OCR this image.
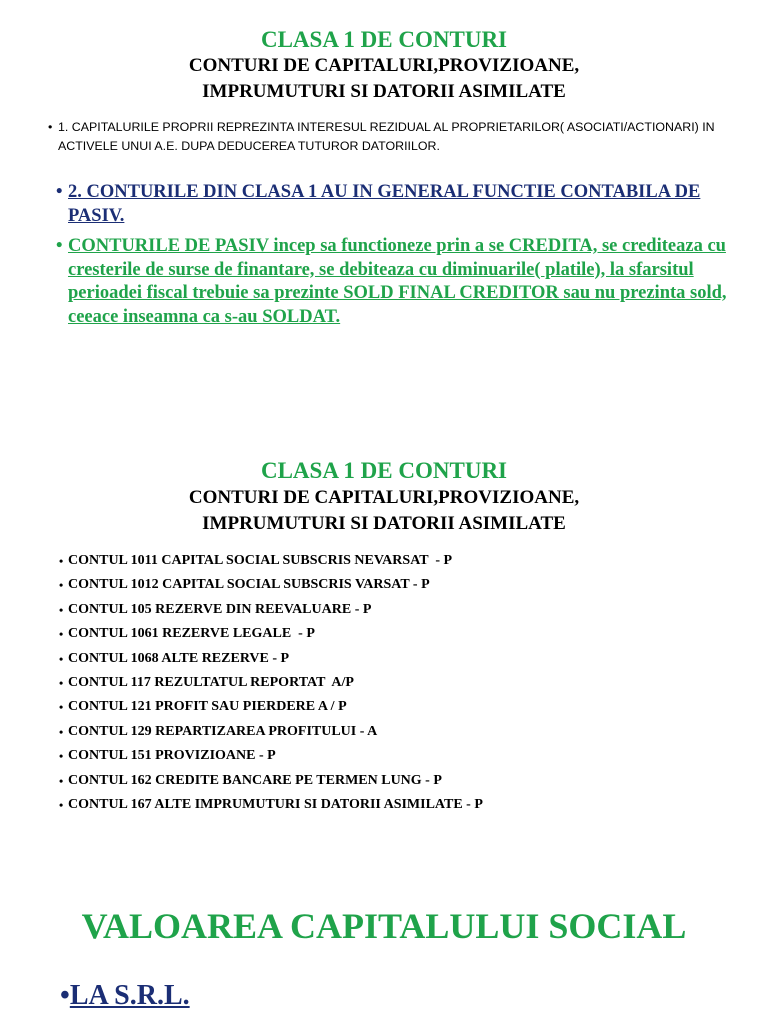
CLASA 1 DE CONTURI
CONTURI DE CAPITALURI,PROVIZIOANE,
IMPRUMUTURI SI DATORII ASIMILATE
• 1. CAPITALURILE PROPRII REPREZINTA INTERESUL REZIDUAL AL PROPRIETARILOR( ASOCIATI/ACTIONARI) IN ACTIVELE UNUI A.E. DUPA DEDUCEREA TUTUROR DATORIILOR.
• 2. CONTURILE DIN CLASA 1 AU IN GENERAL FUNCTIE CONTABILA DE PASIV.
• CONTURILE DE PASIV incep sa functioneze prin a se CREDITA, se crediteaza cu cresterile de surse de finantare, se debiteaza cu diminuarile( platile), la sfarsitul perioadei fiscal trebuie sa prezinte SOLD FINAL CREDITOR sau nu prezinta sold, ceeace inseamna ca s-au SOLDAT.
CLASA 1 DE CONTURI
CONTURI DE CAPITALURI,PROVIZIOANE,
IMPRUMUTURI SI DATORII ASIMILATE
• CONTUL 1011 CAPITAL SOCIAL SUBSCRIS NEVARSAT  - P
• CONTUL 1012 CAPITAL SOCIAL SUBSCRIS VARSAT - P
• CONTUL 105 REZERVE DIN REEVALUARE - P
• CONTUL 1061 REZERVE LEGALE  - P
• CONTUL 1068 ALTE REZERVE - P
• CONTUL 117 REZULTATUL REPORTAT  A/P
• CONTUL 121 PROFIT SAU PIERDERE A / P
• CONTUL 129 REPARTIZAREA PROFITULUI - A
• CONTUL 151 PROVIZIOANE - P
• CONTUL 162 CREDITE BANCARE PE TERMEN LUNG - P
• CONTUL 167 ALTE IMPRUMUTURI SI DATORII ASIMILATE - P
VALOAREA CAPITALULUI SOCIAL
•LA S.R.L.
